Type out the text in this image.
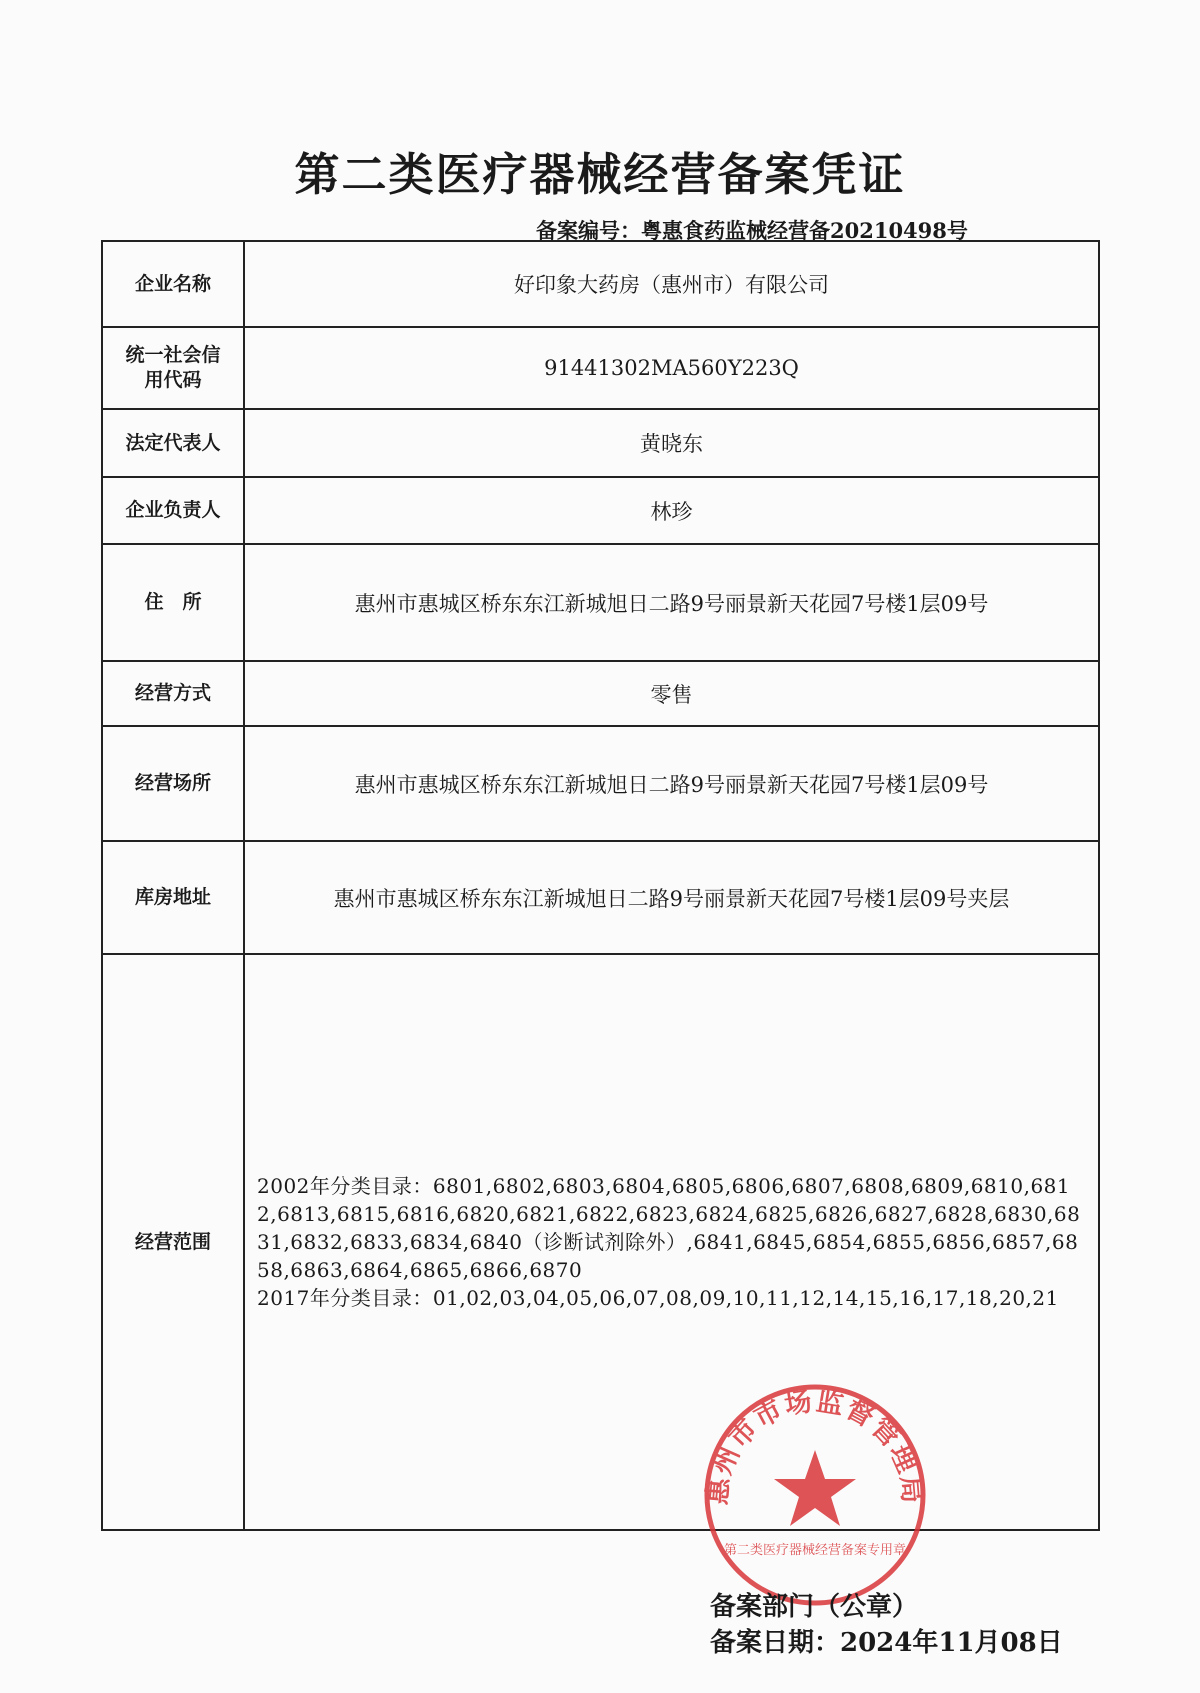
第二类医疗器械经营备案凭证
备案编号：粤惠食药监械经营备20210498号
企业名称	好印象大药房（惠州市）有限公司
统一社会信用代码	91441302MA560Y223Q
法定代表人	黄晓东
企业负责人	林珍
住　所	惠州市惠城区桥东东江新城旭日二路9号丽景新天花园7号楼1层09号
经营方式	零售
经营场所	惠州市惠城区桥东东江新城旭日二路9号丽景新天花园7号楼1层09号
库房地址	惠州市惠城区桥东东江新城旭日二路9号丽景新天花园7号楼1层09号夹层
经营范围	2002年分类目录：6801,6802,6803,6804,6805,6806,6807,6808,6809,6810,6812,6813,6815,6816,6820,6821,6822,6823,6824,6825,6826,6827,6828,6830,6831,6832,6833,6834,6840（诊断试剂除外）,6841,6845,6854,6855,6856,6857,6858,6863,6864,6865,6866,6870
2017年分类目录：01,02,03,04,05,06,07,08,09,10,11,12,14,15,16,17,18,20,21
惠州市市场监督管理局
第二类医疗器械经营备案专用章
备案部门（公章）
备案日期：2024年11月08日
